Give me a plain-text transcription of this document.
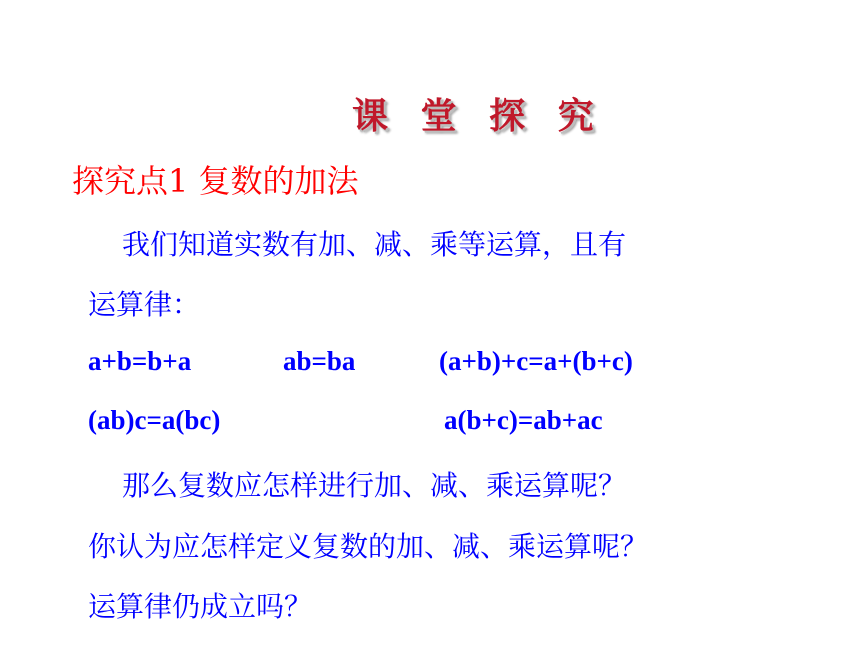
课 堂 探 究
探究点1 复数的加法
我们知道实数有加、减、乘等运算，且有
运算律：
a+b=b+a	ab=ba	(a+b)+c=a+(b+c)
(ab)c=a(bc)	a(b+c)=ab+ac
那么复数应怎样进行加、减、乘运算呢？
你认为应怎样定义复数的加、减、乘运算呢？
运算律仍成立吗？
